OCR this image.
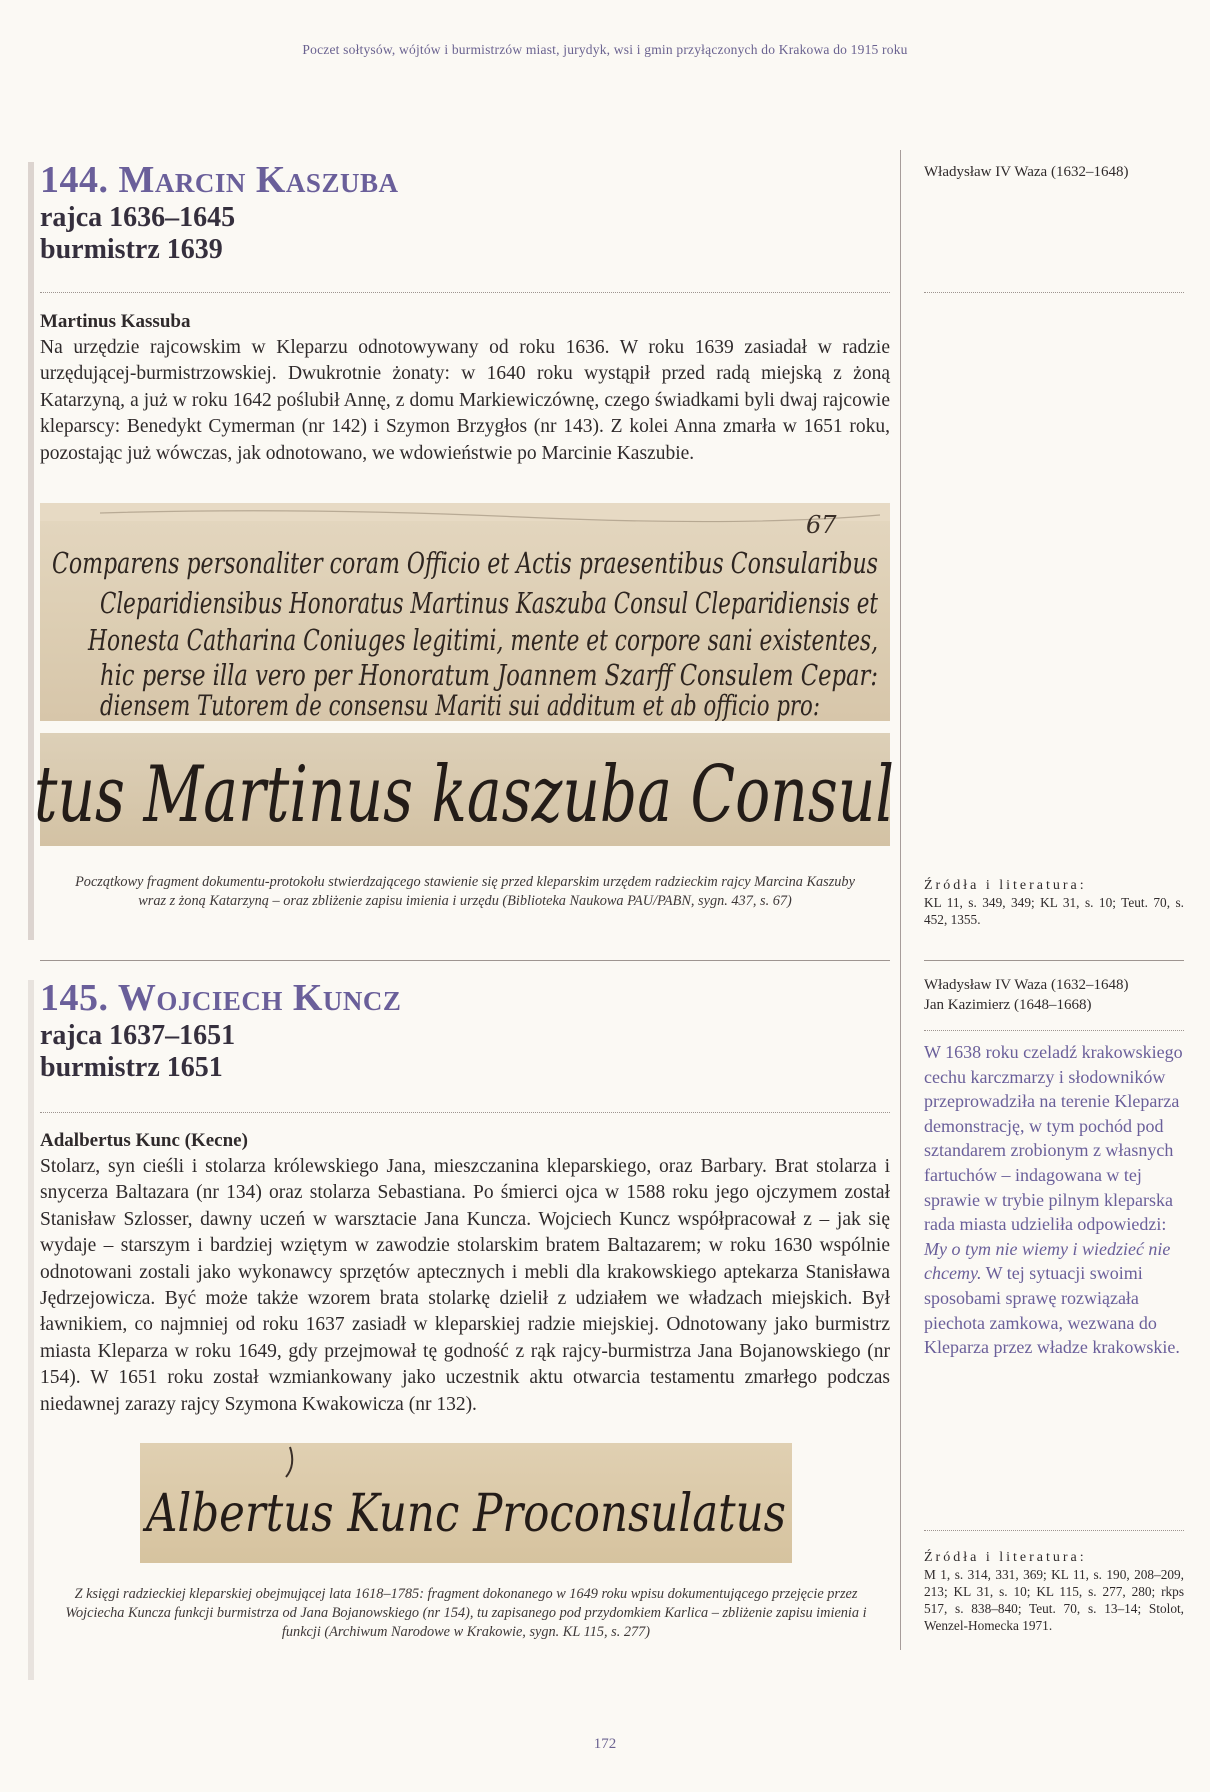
Poczet sołtysów, wójtów i burmistrzów miast, jurydyk, wsi i gmin przyłączonych do Krakowa do 1915 roku
144. Marcin Kaszuba

rajca 1636–1645

burmistrz 1639

Martinus Kassuba

Na urzędzie rajcowskim w Kleparzu odnotowywany od roku 1636. W roku 1639 zasiadał w radzie urzędującej-burmistrzowskiej. Dwukrotnie żonaty: w 1640 roku wystąpił przed radą miejską z żoną Katarzyną, a już w roku 1642 poślubił Annę, z domu Markiewiczównę, czego świadkami byli dwaj rajcowie kleparscy: Benedykt Cymerman (nr 142) i Szymon Brzygłos (nr 143). Z kolei Anna zmarła w 1651 roku, pozostając już wówczas, jak odnotowano, we wdowieństwie po Marcinie Kaszubie.

67
Comparens personaliter coram Officio et Actis praesentibus Consularibus
Cleparidiensibus Honoratus Martinus Kaszuba Consul Cleparidiensis et
Honesta Catharina Coniuges legitimi, mente et corpore sani existentes,
hic perse illa vero per Honoratum Joannem Szarff Consulem Cepar:
diensem Tutorem de consensu Mariti sui additum et ab officio pro:
tus Martinus kaszuba Consul

Początkowy fragment dokumentu-protokołu stwierdzającego stawienie się przed kleparskim urzędem radzieckim rajcy Marcina Kaszuby wraz z żoną Katarzyną – oraz zbliżenie zapisu imienia i urzędu (Biblioteka Naukowa PAU/PABN, sygn. 437, s. 67)

145. Wojciech Kuncz

rajca 1637–1651

burmistrz 1651

Adalbertus Kunc (Kecne)

Stolarz, syn cieśli i stolarza królewskiego Jana, mieszczanina kleparskiego, oraz Barbary. Brat stolarza i snycerza Baltazara (nr 134) oraz stolarza Sebastiana. Po śmierci ojca w 1588 roku jego ojczymem został Stanisław Szlosser, dawny uczeń w warsztacie Jana Kuncza. Wojciech Kuncz współpracował z – jak się wydaje – starszym i bardziej wziętym w zawodzie stolarskim bratem Baltazarem; w roku 1630 wspólnie odnotowani zostali jako wykonawcy sprzętów aptecznych i mebli dla krakowskiego aptekarza Stanisława Jędrzejowicza. Być może także wzorem brata stolarkę dzielił z udziałem we władzach miejskich. Był ławnikiem, co najmniej od roku 1637 zasiadł w kleparskiej radzie miejskiej. Odnotowany jako burmistrz miasta Kleparza w roku 1649, gdy przejmował tę godność z rąk rajcy-burmistrza Jana Bojanowskiego (nr 154). W 1651 roku został wzmiankowany jako uczestnik aktu otwarcia testamentu zmarłego podczas niedawnej zarazy rajcy Szymona Kwakowicza (nr 132).

Albertus Kunc Proconsulatus

Z księgi radzieckiej kleparskiej obejmującej lata 1618–1785: fragment dokonanego w 1649 roku wpisu dokumentującego przejęcie przez Wojciecha Kuncza funkcji burmistrza od Jana Bojanowskiego (nr 154), tu zapisanego pod przydomkiem Karlica – zbliżenie zapisu imienia i funkcji (Archiwum Narodowe w Krakowie, sygn. KL 115, s. 277)

Władysław IV Waza (1632–1648)

Źródła i literatura:

KL 11, s. 349, 349; KL 31, s. 10; Teut. 70, s. 452, 1355.

Władysław IV Waza (1632–1648)

Jan Kazimierz (1648–1668)

W 1638 roku czeladź krakowskiego cechu karczmarzy i słodowników przeprowadziła na terenie Kleparza demonstrację, w tym pochód pod sztandarem zrobionym z własnych fartuchów – indagowana w tej sprawie w trybie pilnym kleparska rada miasta udzieliła odpowiedzi: My o tym nie wiemy i wiedzieć nie chcemy. W tej sytuacji swoimi sposobami sprawę rozwiązała piechota zamkowa, wezwana do Kleparza przez władze krakowskie.

Źródła i literatura:

M 1, s. 314, 331, 369; KL 11, s. 190, 208–209, 213; KL 31, s. 10; KL 115, s. 277, 280; rkps 517, s. 838–840; Teut. 70, s. 13–14; Stolot, Wenzel-Homecka 1971.

172
